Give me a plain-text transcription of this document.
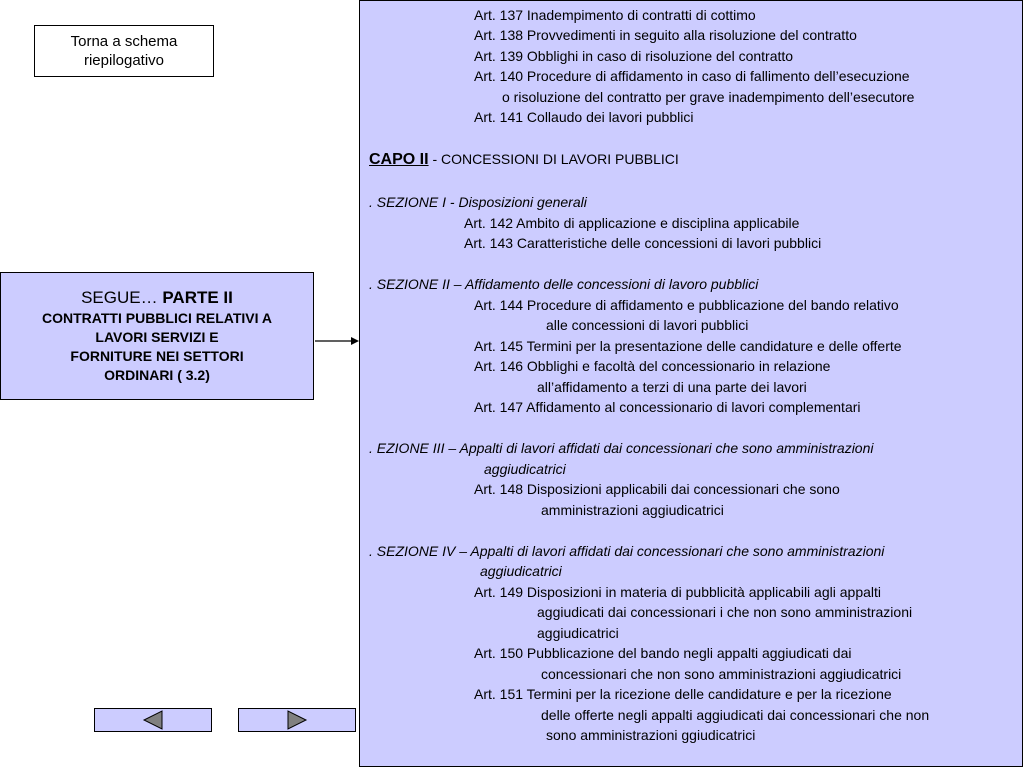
Torna a schema riepilogativo
SEGUE… PARTE II
CONTRATTI PUBBLICI RELATIVI A
LAVORI SERVIZI E
FORNITURE NEI SETTORI
ORDINARI ( 3.2)
Art. 137 Inadempimento di contratti di cottimo
Art. 138 Provvedimenti in seguito alla risoluzione del contratto
Art. 139 Obblighi in caso di risoluzione del contratto
Art. 140 Procedure di affidamento in caso di fallimento dell’esecuzione
o risoluzione del contratto per grave inadempimento dell’esecutore
Art. 141 Collaudo dei lavori pubblici
CAPO II - CONCESSIONI DI LAVORI PUBBLICI
. SEZIONE I - Disposizioni generali
Art. 142 Ambito di applicazione e disciplina applicabile
Art. 143 Caratteristiche delle concessioni di lavori pubblici
. SEZIONE II – Affidamento delle concessioni di lavoro pubblici
Art. 144 Procedure di affidamento e pubblicazione del bando relativo
alle concessioni di lavori pubblici
Art. 145 Termini per la presentazione delle candidature e delle offerte
Art. 146 Obblighi e facoltà del concessionario in relazione
all’affidamento a terzi di una parte dei lavori
Art. 147 Affidamento al concessionario di lavori complementari
. EZIONE III – Appalti di lavori affidati dai concessionari che sono amministrazioni
aggiudicatrici
Art. 148 Disposizioni applicabili dai concessionari che sono
amministrazioni aggiudicatrici
. SEZIONE IV – Appalti di lavori affidati dai concessionari che sono amministrazioni
aggiudicatrici
Art. 149 Disposizioni in materia di pubblicità applicabili agli appalti
aggiudicati dai concessionari i che non sono amministrazioni
aggiudicatrici
Art. 150 Pubblicazione del bando negli appalti aggiudicati dai
concessionari che non sono amministrazioni aggiudicatrici
Art. 151 Termini per la ricezione delle candidature e per la ricezione
delle offerte negli appalti aggiudicati dai concessionari che non
sono amministrazioni ggiudicatrici
